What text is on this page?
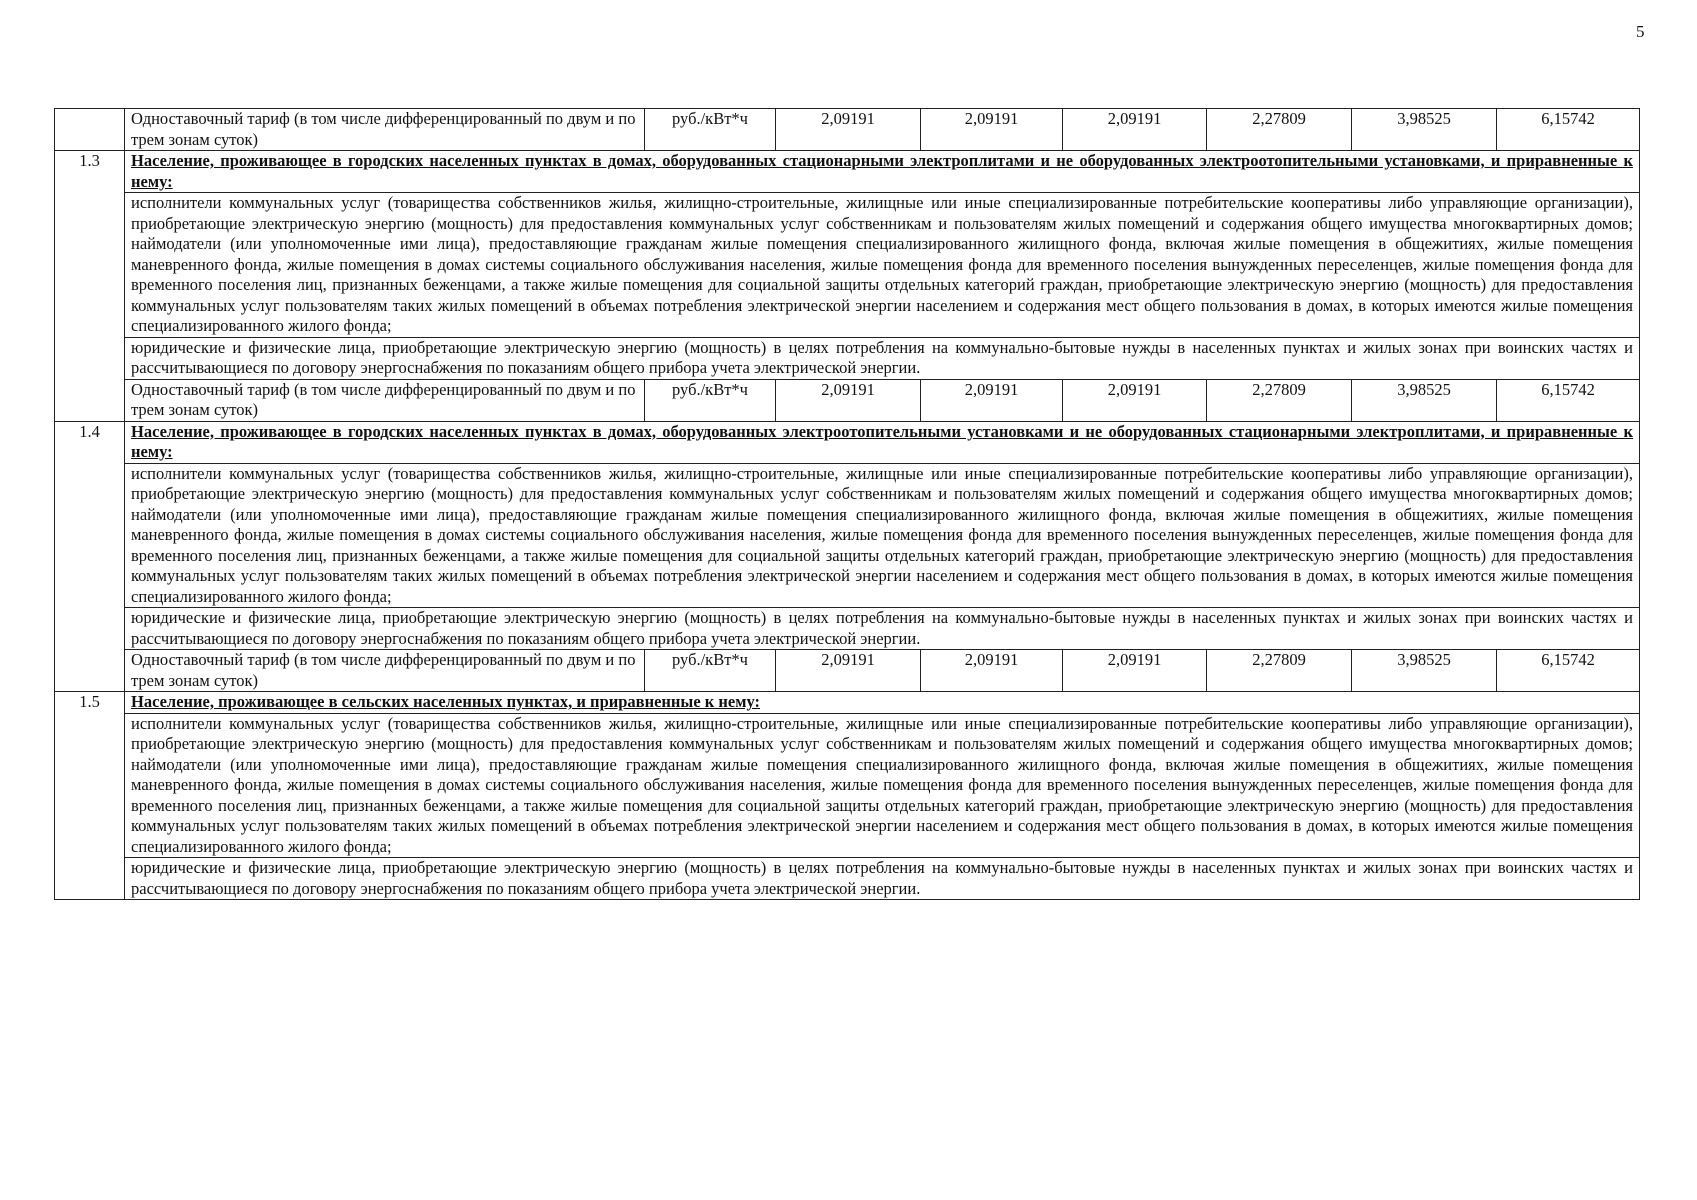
5
	Одноставочный тариф (в том числе дифференцированный по двум и по трем зонам суток)	руб./кВт*ч	2,09191	2,09191	2,09191	2,27809	3,98525	6,15742
1.3	Население, проживающее в городских населенных пунктах в домах, оборудованных стационарными электроплитами и не оборудованных электроотопительными установками, и приравненные к нему:							
	исполнители коммунальных услуг (товарищества собственников жилья, жилищно-строительные, жилищные или иные специализированные потребительские кооперативы либо управляющие организации), приобретающие электрическую энергию (мощность) для предоставления коммунальных услуг собственникам и пользователям жилых помещений и содержания общего имущества многоквартирных домов; наймодатели (или уполномоченные ими лица), предоставляющие гражданам жилые помещения специализированного жилищного фонда, включая жилые помещения в общежитиях, жилые помещения маневренного фонда, жилые помещения в домах системы социального обслуживания населения, жилые помещения фонда для временного поселения вынужденных переселенцев, жилые помещения фонда для временного поселения лиц, признанных беженцами, а также жилые помещения для социальной защиты отдельных категорий граждан, приобретающие электрическую энергию (мощность) для предоставления коммунальных услуг пользователям таких жилых помещений в объемах потребления электрической энергии населением и содержания мест общего пользования в домах, в которых имеются жилые помещения специализированного жилого фонда;							
	юридические и физические лица, приобретающие электрическую энергию (мощность) в целях потребления на коммунально-бытовые нужды в населенных пунктах и жилых зонах при воинских частях и рассчитывающиеся по договору энергоснабжения по показаниям общего прибора учета электрической энергии.							
	Одноставочный тариф (в том числе дифференцированный по двум и по трем зонам суток)	руб./кВт*ч	2,09191	2,09191	2,09191	2,27809	3,98525	6,15742
1.4	Население, проживающее в городских населенных пунктах в домах, оборудованных электроотопительными установками и не оборудованных стационарными электроплитами, и приравненные к нему:							
	исполнители коммунальных услуг (товарищества собственников жилья, жилищно-строительные, жилищные или иные специализированные потребительские кооперативы либо управляющие организации), приобретающие электрическую энергию (мощность) для предоставления коммунальных услуг собственникам и пользователям жилых помещений и содержания общего имущества многоквартирных домов; наймодатели (или уполномоченные ими лица), предоставляющие гражданам жилые помещения специализированного жилищного фонда, включая жилые помещения в общежитиях, жилые помещения маневренного фонда, жилые помещения в домах системы социального обслуживания населения, жилые помещения фонда для временного поселения вынужденных переселенцев, жилые помещения фонда для временного поселения лиц, признанных беженцами, а также жилые помещения для социальной защиты отдельных категорий граждан, приобретающие электрическую энергию (мощность) для предоставления коммунальных услуг пользователям таких жилых помещений в объемах потребления электрической энергии населением и содержания мест общего пользования в домах, в которых имеются жилые помещения специализированного жилого фонда;							
	юридические и физические лица, приобретающие электрическую энергию (мощность) в целях потребления на коммунально-бытовые нужды в населенных пунктах и жилых зонах при воинских частях и рассчитывающиеся по договору энергоснабжения по показаниям общего прибора учета электрической энергии.							
	Одноставочный тариф (в том числе дифференцированный по двум и по трем зонам суток)	руб./кВт*ч	2,09191	2,09191	2,09191	2,27809	3,98525	6,15742
1.5	Население, проживающее в сельских населенных пунктах, и приравненные к нему:							
	исполнители коммунальных услуг (товарищества собственников жилья, жилищно-строительные, жилищные или иные специализированные потребительские кооперативы либо управляющие организации), приобретающие электрическую энергию (мощность) для предоставления коммунальных услуг собственникам и пользователям жилых помещений и содержания общего имущества многоквартирных домов; наймодатели (или уполномоченные ими лица), предоставляющие гражданам жилые помещения специализированного жилищного фонда, включая жилые помещения в общежитиях, жилые помещения маневренного фонда, жилые помещения в домах системы социального обслуживания населения, жилые помещения фонда для временного поселения вынужденных переселенцев, жилые помещения фонда для временного поселения лиц, признанных беженцами, а также жилые помещения для социальной защиты отдельных категорий граждан, приобретающие электрическую энергию (мощность) для предоставления коммунальных услуг пользователям таких жилых помещений в объемах потребления электрической энергии населением и содержания мест общего пользования в домах, в которых имеются жилые помещения специализированного жилого фонда;							
	юридические и физические лица, приобретающие электрическую энергию (мощность) в целях потребления на коммунально-бытовые нужды в населенных пунктах и жилых зонах при воинских частях и рассчитывающиеся по договору энергоснабжения по показаниям общего прибора учета электрической энергии.							
